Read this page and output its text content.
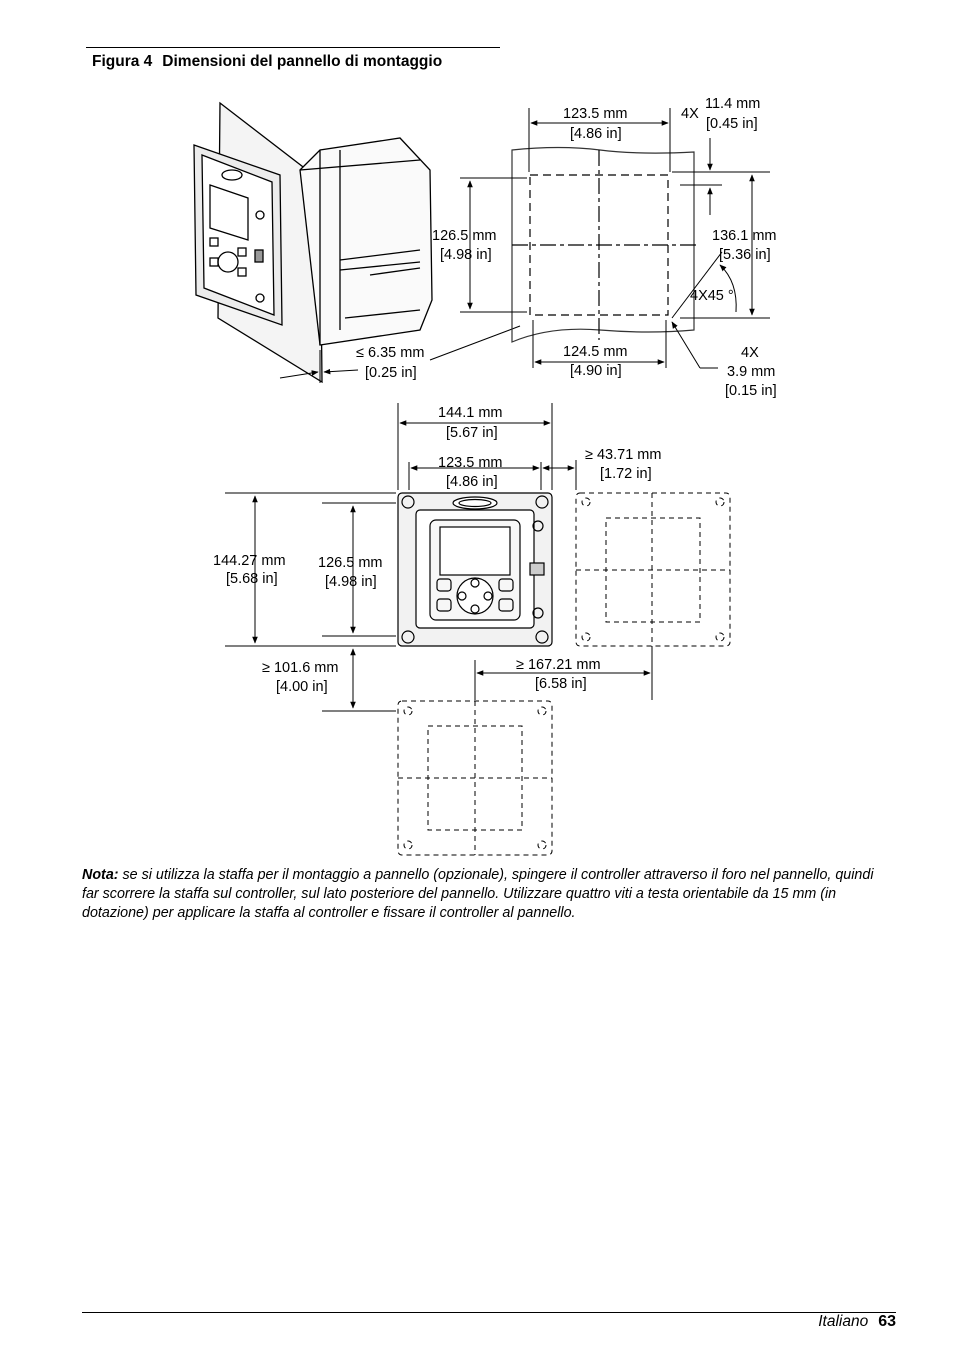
Figura 4 Dimensioni del pannello di montaggio
≤ 6.35 mm
[0.25 in]
123.5 mm
[4.86 in]
4X
11.4 mm
[0.45 in]
126.5 mm
[4.98 in]
136.1 mm
[5.36 in]
4X45 °
124.5 mm
[4.90 in]
4X
3.9 mm
[0.15 in]
144.1 mm
[5.67 in]
123.5 mm
[4.86 in]
≥ 43.71 mm
[1.72 in]
144.27 mm
[5.68 in]
126.5 mm
[4.98 in]
≥ 101.6 mm
[4.00 in]
≥ 167.21 mm
[6.58 in]
Nota: se si utilizza la staffa per il montaggio a pannello (opzionale), spingere il controller attraverso il foro nel pannello, quindi far scorrere la staffa sul controller, sul lato posteriore del pannello. Utilizzare quattro viti a testa orientabile da 15 mm (in dotazione) per applicare la staffa al controller e fissare il controller al pannello.
Italiano 63
